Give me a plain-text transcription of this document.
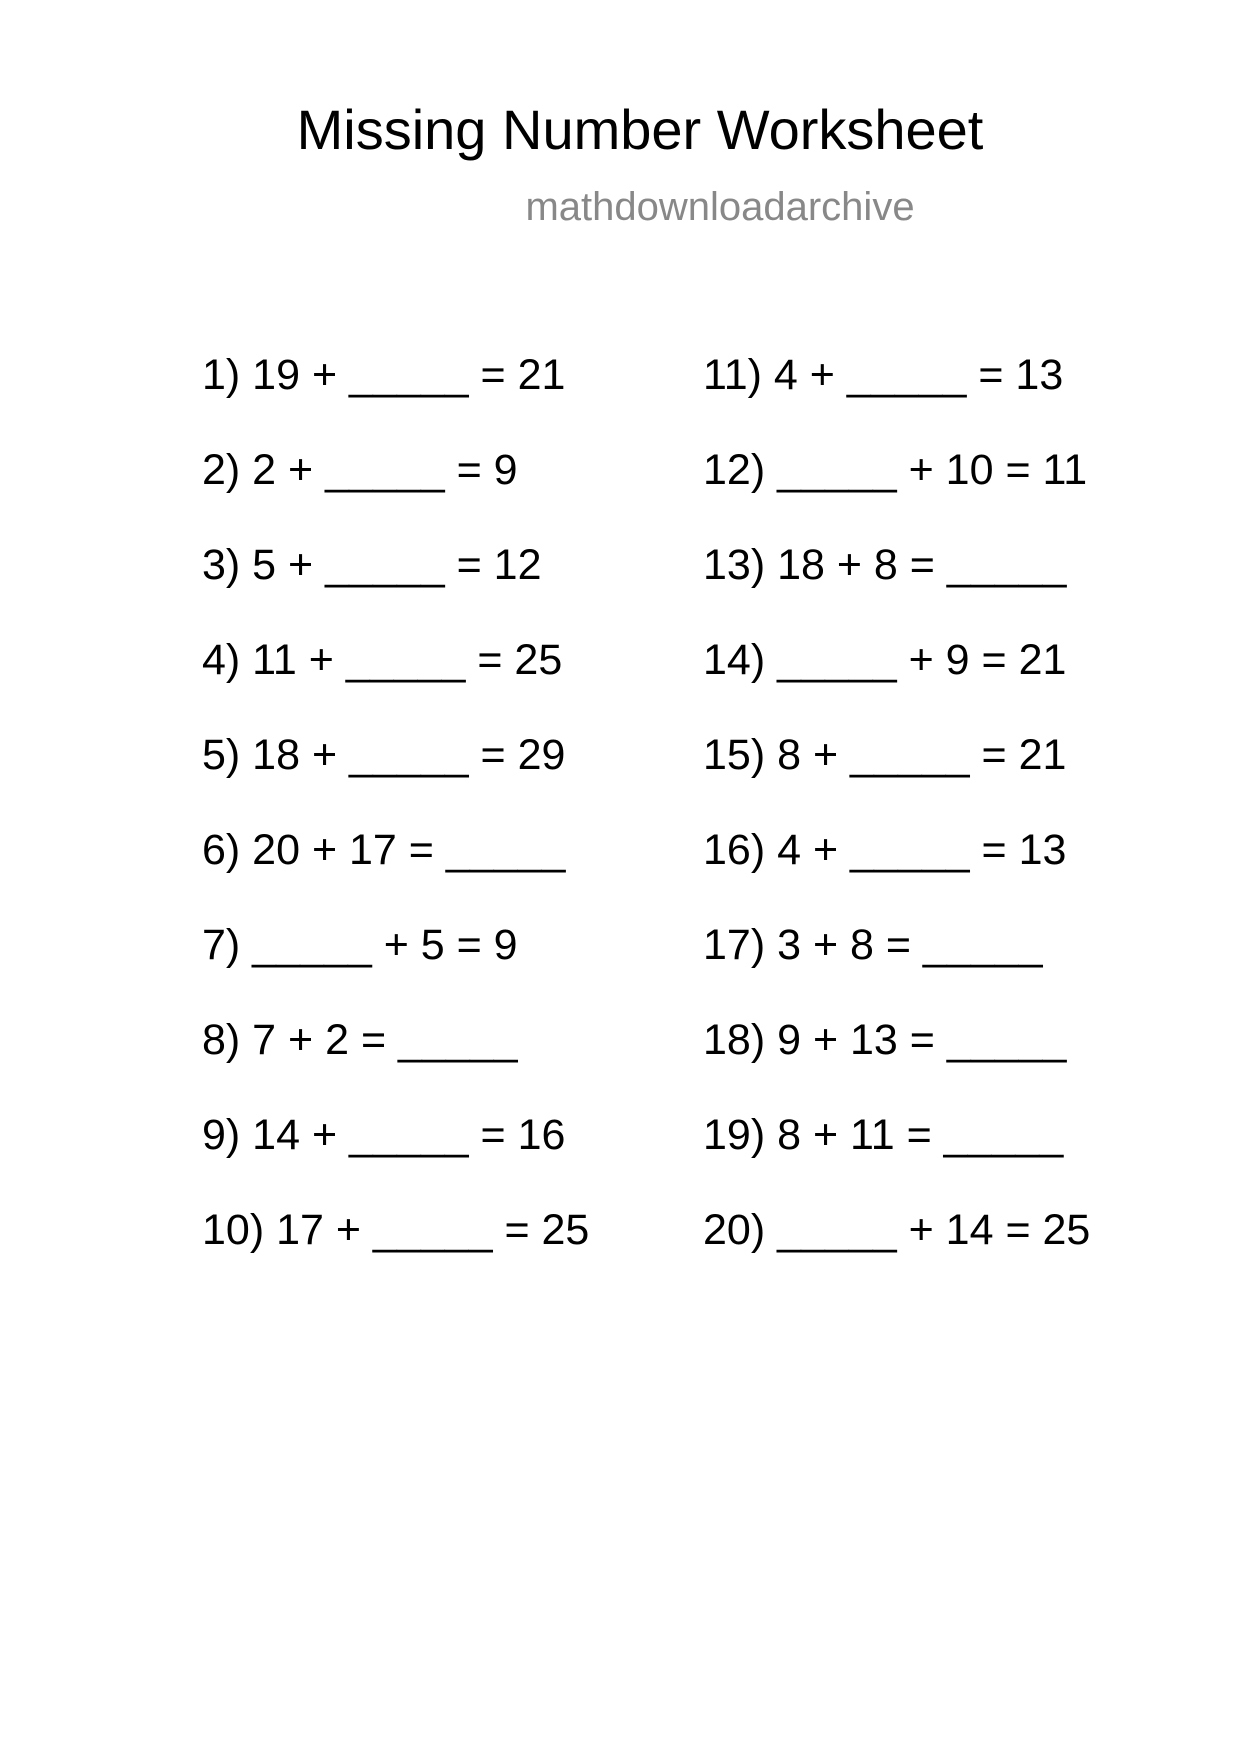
Missing Number Worksheet
mathdownloadarchive
1) 19 + _____ = 21
2) 2 + _____ = 9
3) 5 + _____ = 12
4) 11 + _____ = 25
5) 18 + _____ = 29
6) 20 + 17 = _____
7) _____ + 5 = 9
8) 7 + 2 = _____
9) 14 + _____ = 16
10) 17 + _____ = 25
11) 4 + _____ = 13
12) _____ + 10 = 11
13) 18 + 8 = _____
14) _____ + 9 = 21
15) 8 + _____ = 21
16) 4 + _____ = 13
17) 3 + 8 = _____
18) 9 + 13 = _____
19) 8 + 11 = _____
20) _____ + 14 = 25
